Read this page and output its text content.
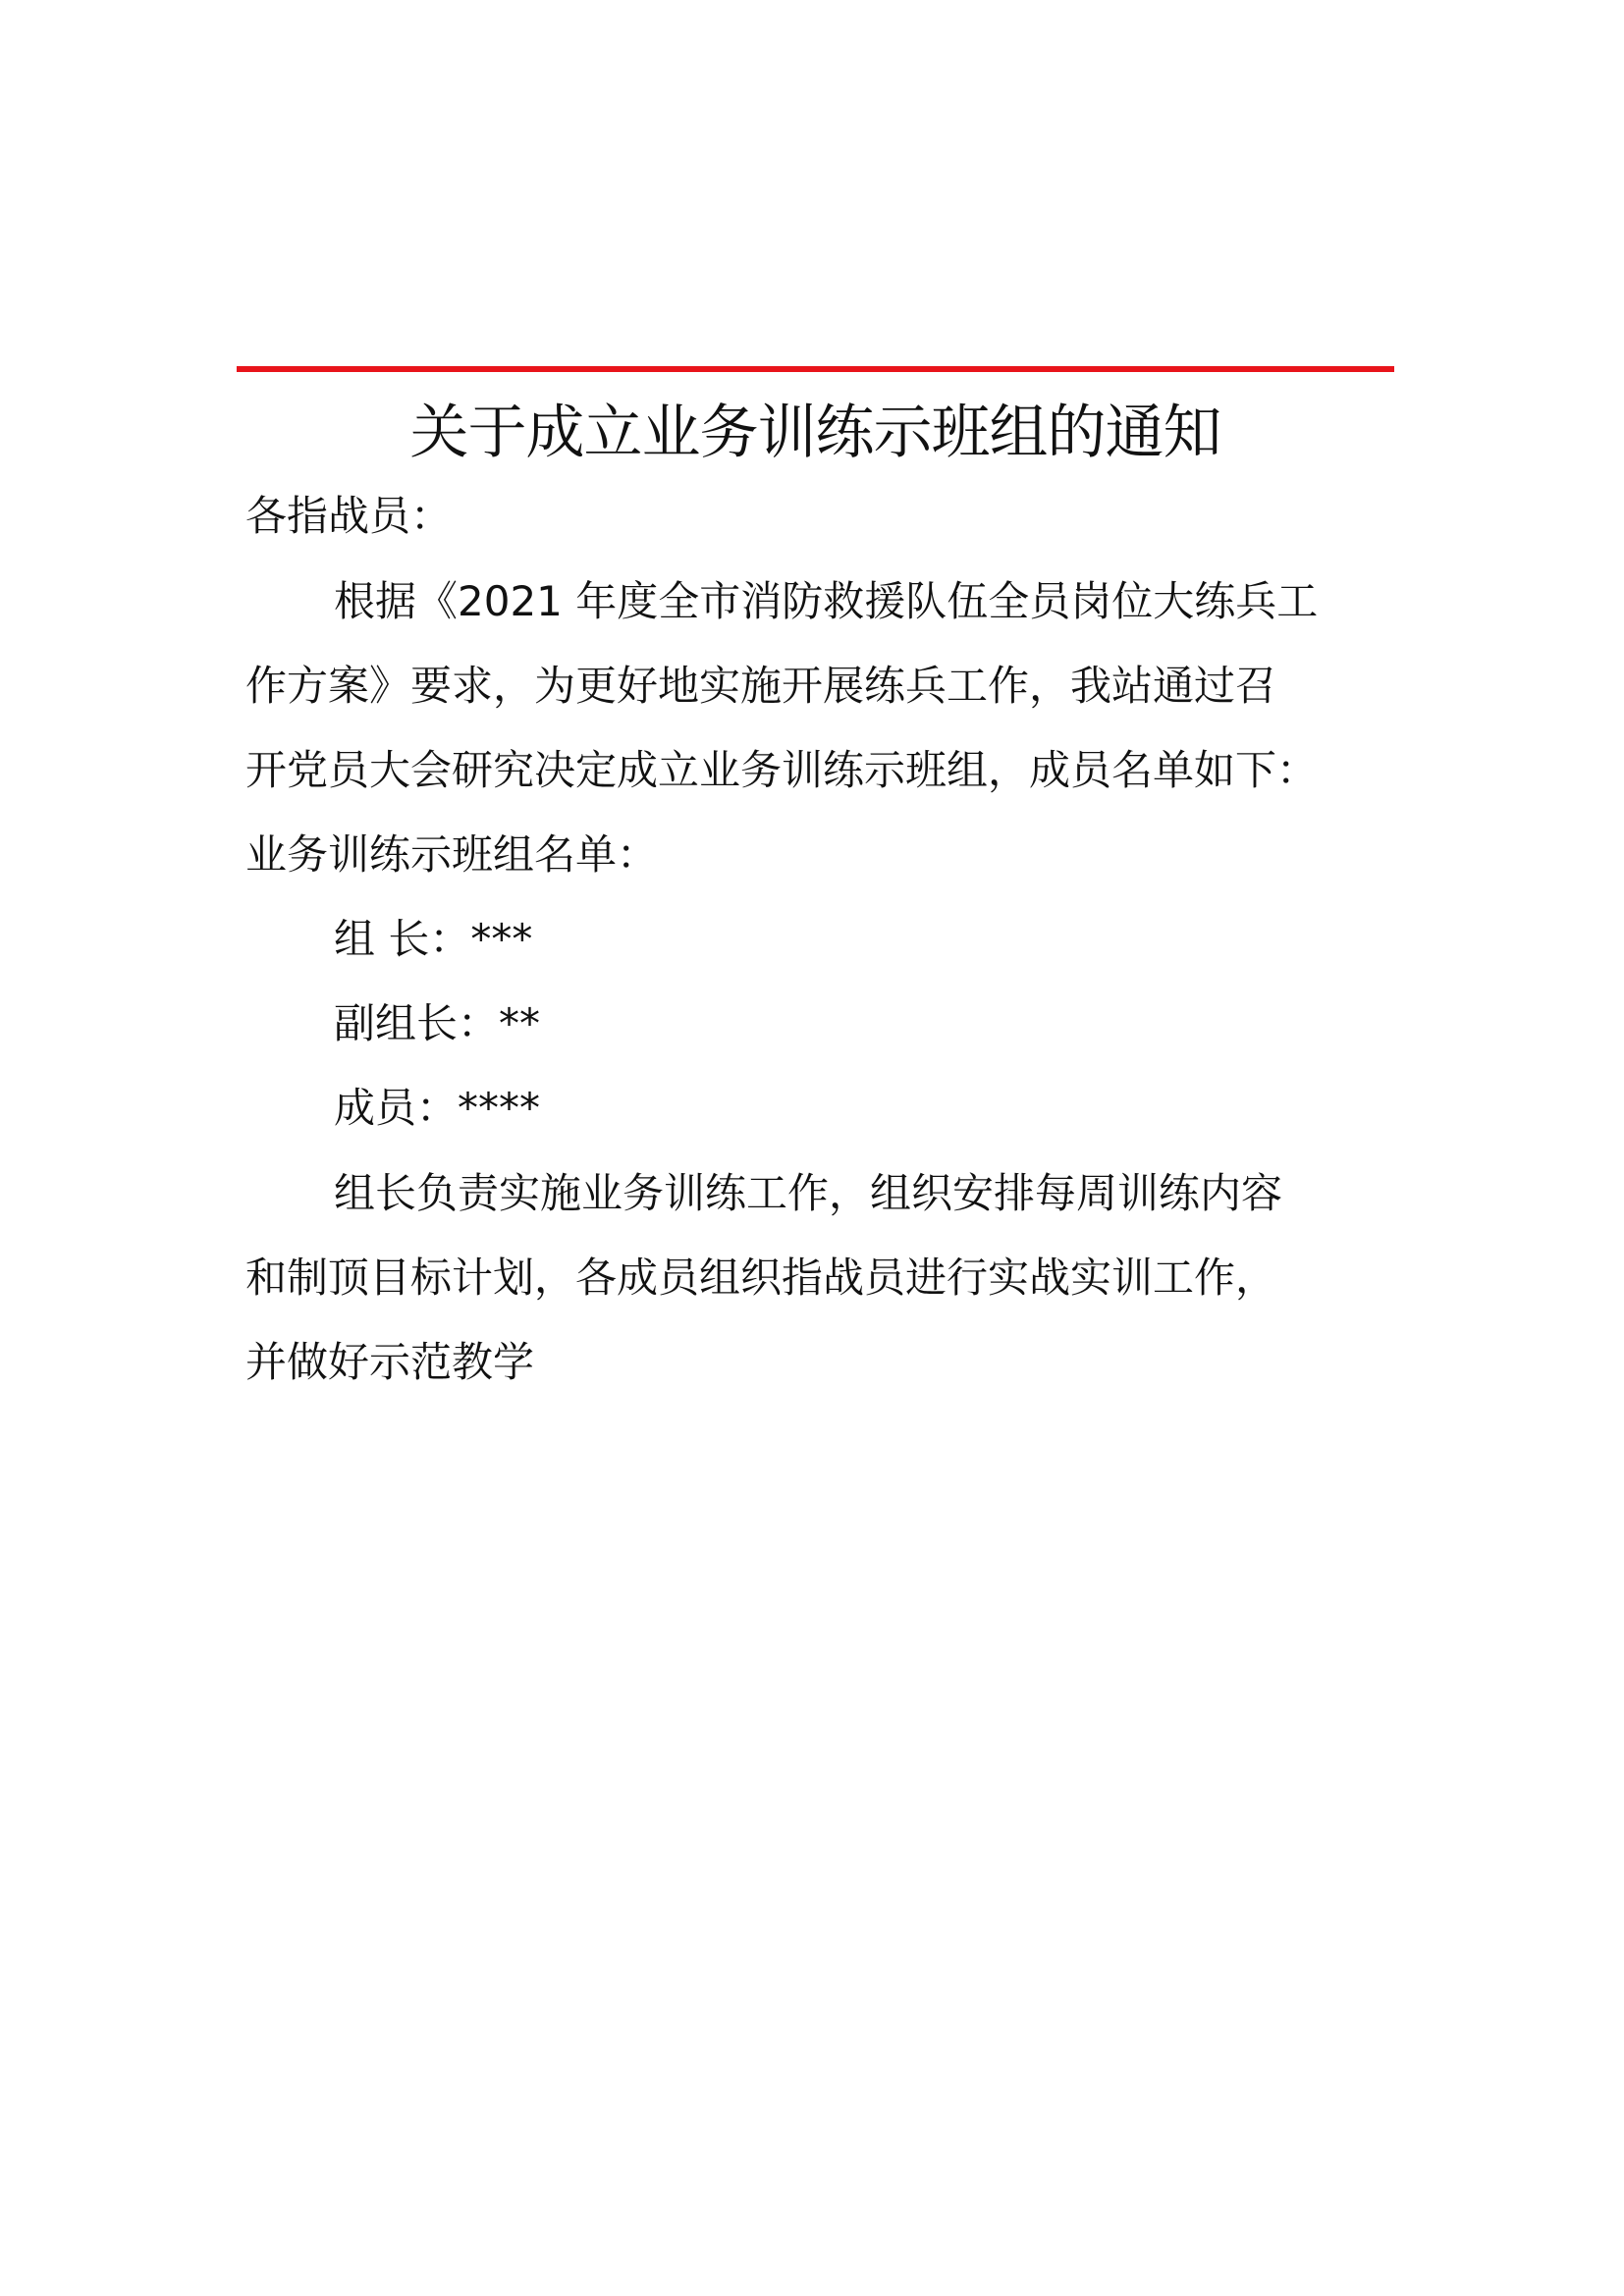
关于成立业务训练示班组的通知
各指战员：
根据《2021 年度全市消防救援队伍全员岗位大练兵工
作方案》要求，为更好地实施开展练兵工作，我站通过召
开党员大会研究决定成立业务训练示班组，成员名单如下：
业务训练示班组名单：
组 长：***
副组长：**
成员：****
组长负责实施业务训练工作，组织安排每周训练内容
和制顶目标计划，各成员组织指战员进行实战实训工作，
并做好示范教学
